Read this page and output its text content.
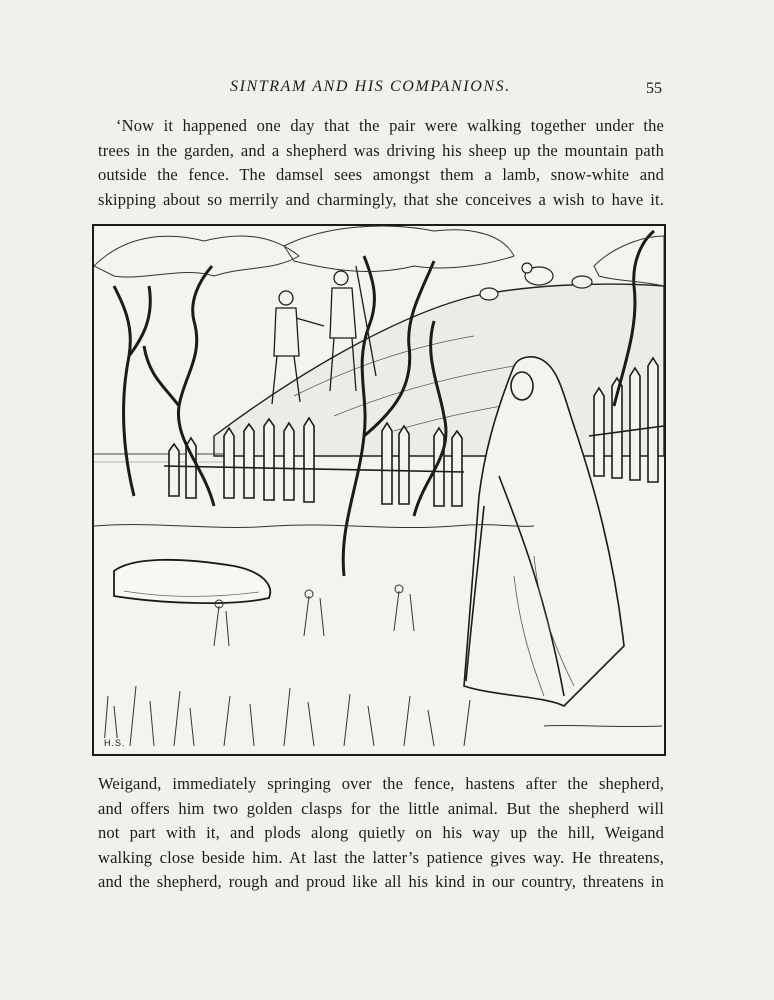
SINTRAM AND HIS COMPANIONS.	55
‘Now it happened one day that the pair were walking together under the
trees in the garden, and a shepherd was driving his sheep up the mountain path
outside the fence. The damsel sees amongst them a lamb, snow-white and
skipping about so merrily and charmingly, that she conceives a wish to have it.
H.S.
Weigand, immediately springing over the fence, hastens after the shepherd,
and offers him two golden clasps for the little animal. But the shepherd will
not part with it, and plods along quietly on his way up the hill, Weigand
walking close beside him. At last the latter’s patience gives way. He threatens,
and the shepherd, rough and proud like all his kind in our country, threatens in
